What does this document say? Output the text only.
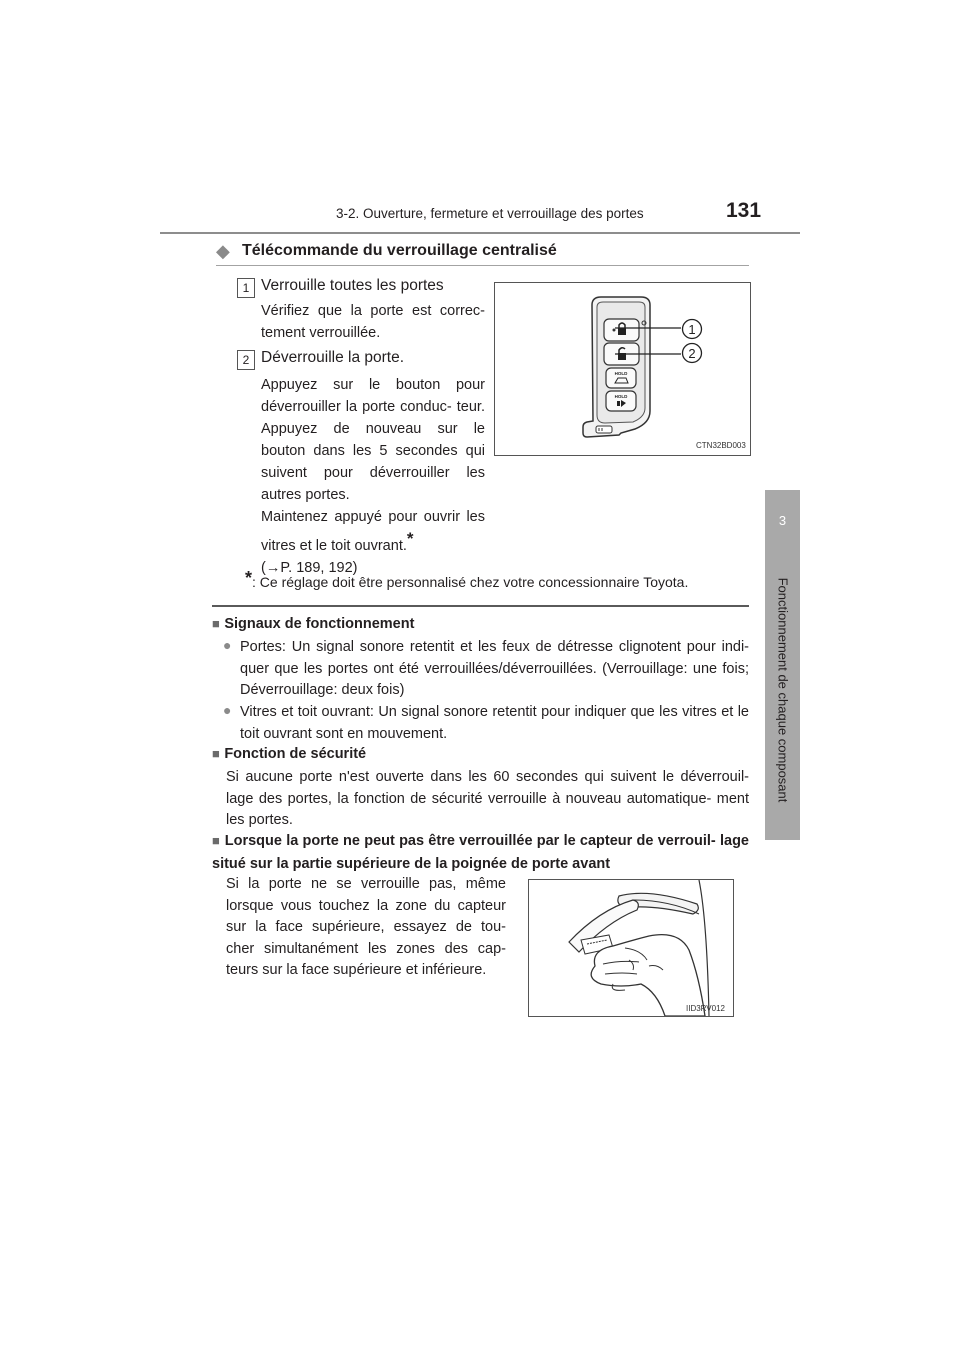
3-2. Ouverture, fermeture et verrouillage des portes	131
3
Fonctionnement de chaque composant
◆ Télécommande du verrouillage centralisé
1 Verrouille toutes les portes
Vérifiez que la porte est correc- tement verrouillée.
2 Déverrouille la porte.
Appuyez sur le bouton pour déverrouiller la porte conduc- teur. Appuyez de nouveau sur le bouton dans les 5 secondes qui suivent pour déverrouiller les autres portes.
Maintenez appuyé pour ouvrir les vitres et le toit ouvrant.*
(→P. 189, 192)
*: Ce réglage doit être personnalisé chez votre concessionnaire Toyota.
HOLD
HOLD
1
2
CTN32BD003
■ Signaux de fonctionnement
● Portes: Un signal sonore retentit et les feux de détresse clignotent pour indi- quer que les portes ont été verrouillées/déverrouillées. (Verrouillage: une fois; Déverrouillage: deux fois)
● Vitres et toit ouvrant: Un signal sonore retentit pour indiquer que les vitres et le toit ouvrant sont en mouvement.
■ Fonction de sécurité
Si aucune porte n'est ouverte dans les 60 secondes qui suivent le déverrouil- lage des portes, la fonction de sécurité verrouille à nouveau automatique- ment les portes.
■ Lorsque la porte ne peut pas être verrouillée par le capteur de verrouil- lage situé sur la partie supérieure de la poignée de porte avant
Si la porte ne se verrouille pas, même lorsque vous touchez la zone du capteur sur la face supérieure, essayez de tou- cher simultanément les zones des cap- teurs sur la face supérieure et inférieure.
IID3RV012
